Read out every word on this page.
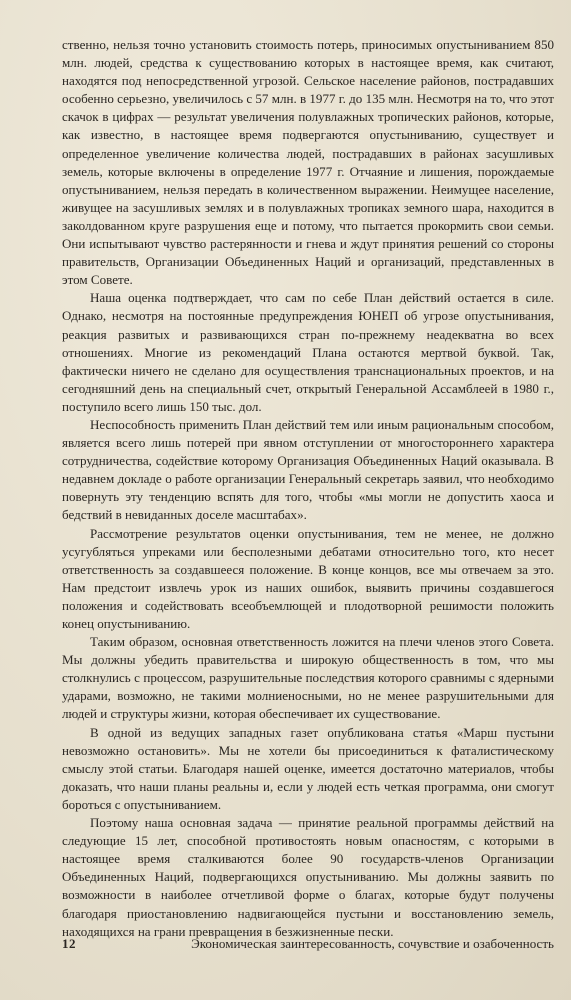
ственно, нельзя точно установить стоимость потерь, приносимых опустыниванием 850 млн. людей, средства к существованию которых в настоящее время, как считают, находятся под непосредственной угрозой. Сельское население районов, пострадавших особенно серьезно, увеличилось с 57 млн. в 1977 г. до 135 млн. Несмотря на то, что этот скачок в цифрах — результат увеличения полувлажных тропических районов, которые, как известно, в настоящее время подвергаются опустыниванию, существует и определенное увеличение количества людей, пострадавших в районах засушливых земель, которые включены в определение 1977 г. Отчаяние и лишения, порождаемые опустыниванием, нельзя передать в количественном выражении. Неимущее население, живущее на засушливых землях и в полувлажных тропиках земного шара, находится в заколдованном круге разрушения еще и потому, что пытается прокормить свои семьи. Они испытывают чувство растерянности и гнева и ждут принятия решений со стороны правительств, Организации Объединенных Наций и организаций, представленных в этом Совете.

Наша оценка подтверждает, что сам по себе План действий остается в силе. Однако, несмотря на постоянные предупреждения ЮНЕП об угрозе опустынивания, реакция развитых и развивающихся стран по-прежнему неадекватна во всех отношениях. Многие из рекомендаций Плана остаются мертвой буквой. Так, фактически ничего не сделано для осуществления транснациональных проектов, и на сегодняшний день на специальный счет, открытый Генеральной Ассамблеей в 1980 г., поступило всего лишь 150 тыс. дол.

Неспособность применить План действий тем или иным рациональным способом, является всего лишь потерей при явном отступлении от многостороннего характера сотрудничества, содействие которому Организация Объединенных Наций оказывала. В недавнем докладе о работе организации Генеральный секретарь заявил, что необходимо повернуть эту тенденцию вспять для того, чтобы «мы могли не допустить хаоса и бедствий в невиданных доселе масштабах».

Рассмотрение результатов оценки опустынивания, тем не менее, не должно усугубляться упреками или бесполезными дебатами относительно того, кто несет ответственность за создавшееся положение. В конце концов, все мы отвечаем за это. Нам предстоит извлечь урок из наших ошибок, выявить причины создавшегося положения и содействовать всеобъемлющей и плодотворной решимости положить конец опустыниванию.

Таким образом, основная ответственность ложится на плечи членов этого Совета. Мы должны убедить правительства и широкую общественность в том, что мы столкнулись с процессом, разрушительные последствия которого сравнимы с ядерными ударами, возможно, не такими молниеносными, но не менее разрушительными для людей и структуры жизни, которая обеспечивает их существование.

В одной из ведущих западных газет опубликована статья «Марш пустыни невозможно остановить». Мы не хотели бы присоединиться к фаталистическому смыслу этой статьи. Благодаря нашей оценке, имеется достаточно материалов, чтобы доказать, что наши планы реальны и, если у людей есть четкая программа, они смогут бороться с опустыниванием.

Поэтому наша основная задача — принятие реальной программы действий на следующие 15 лет, способной противостоять новым опасностям, с которыми в настоящее время сталкиваются более 90 государств-членов Организации Объединенных Наций, подвергающихся опустыниванию. Мы должны заявить по возможности в наиболее отчетливой форме о благах, которые будут получены благодаря приостановлению надвигающейся пустыни и восстановлению земель, находящихся на грани превращения в безжизненные пески.

12	Экономическая заинтересованность, сочувствие и озабоченность
